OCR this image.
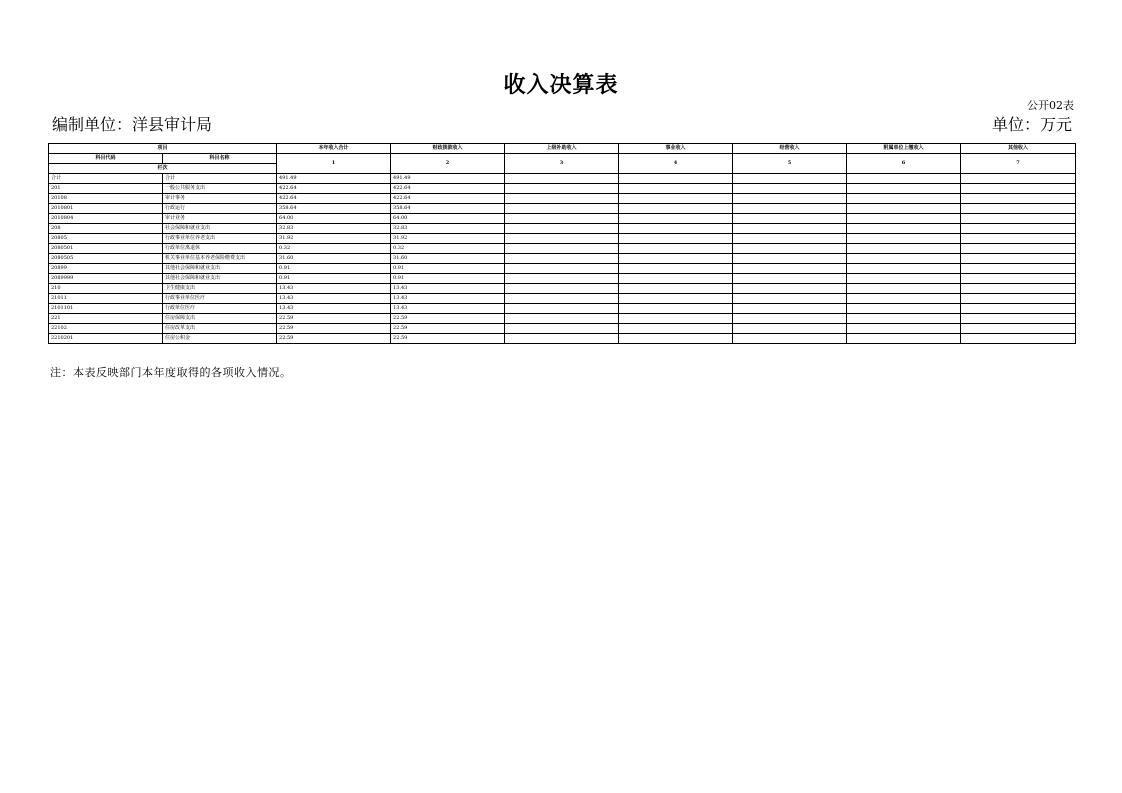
收入决算表
公开02表
编制单位：洋县审计局	单位：万元
项目		本年收入合计	财政拨款收入	上级补助收入	事业收入	经营收入	附属单位上缴收入	其他收入
科目代码	科目名称	1	2	3	4	5	6	7
栏次								
合计	合计	491.49	491.49					
201	一般公共服务支出	422.64	422.64					
20108	审计事务	422.64	422.64					
2010801	行政运行	358.64	358.64					
2010804	审计业务	64.00	64.00					
208	社会保障和就业支出	32.83	32.83					
20805	行政事业单位养老支出	31.92	31.92					
2080501	行政单位离退休	0.32	0.32					
2080505	机关事业单位基本养老保险缴费支出	31.60	31.60					
20899	其他社会保障和就业支出	0.91	0.91					
2089999	其他社会保障和就业支出	0.91	0.91					
210	卫生健康支出	13.43	13.43					
21011	行政事业单位医疗	13.43	13.43					
2101101	行政单位医疗	13.43	13.43					
221	住房保障支出	22.59	22.59					
22102	住房改革支出	22.59	22.59					
2210201	住房公积金	22.59	22.59					
注：本表反映部门本年度取得的各项收入情况。
